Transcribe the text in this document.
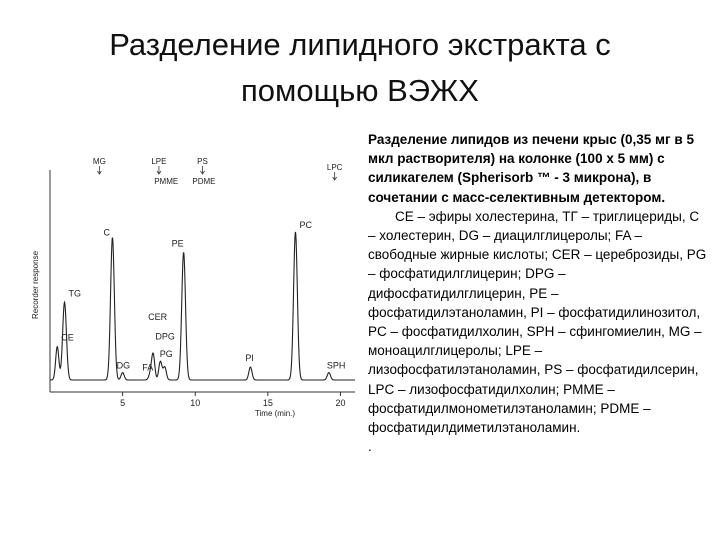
Разделение липидного экстракта с
помощью ВЭЖХ
CE
TG
C
DG FA
CER
DPG
PG
PE
PI
PC
SPH
MG	LPE	PS
PMME PDME
LPC
5	10	15	20
Recorder response
Time (min.)

Разделение липидов из печени крыс (0,35 мг в 5 мкл растворителя) на колонке (100 х 5 мм) с силикагелем (Spherisorb ™ - 3 микрона), в сочетании с масс-селективным детектором.

CE – эфиры холестерина, ТГ – триглицериды, С – холестерин, DG – диацилглицеролы; FA – свободные жирные кислоты; CER – цереброзиды, PG – фосфатидилглицерин; DPG – дифосфатидилглицерин, PE – фосфатидилэтаноламин, PI – фосфатидилинозитол, PC – фосфатидилхолин, SPH – сфингомиелин, MG – моноацилглицеролы; LPE – лизофосфатилэтаноламин, PS – фосфатидилсерин, LPC – лизофосфатидилхолин; PMME – фосфатидилмонометилэтаноламин; PDME – фосфатидилдиметилэтаноламин.

.
